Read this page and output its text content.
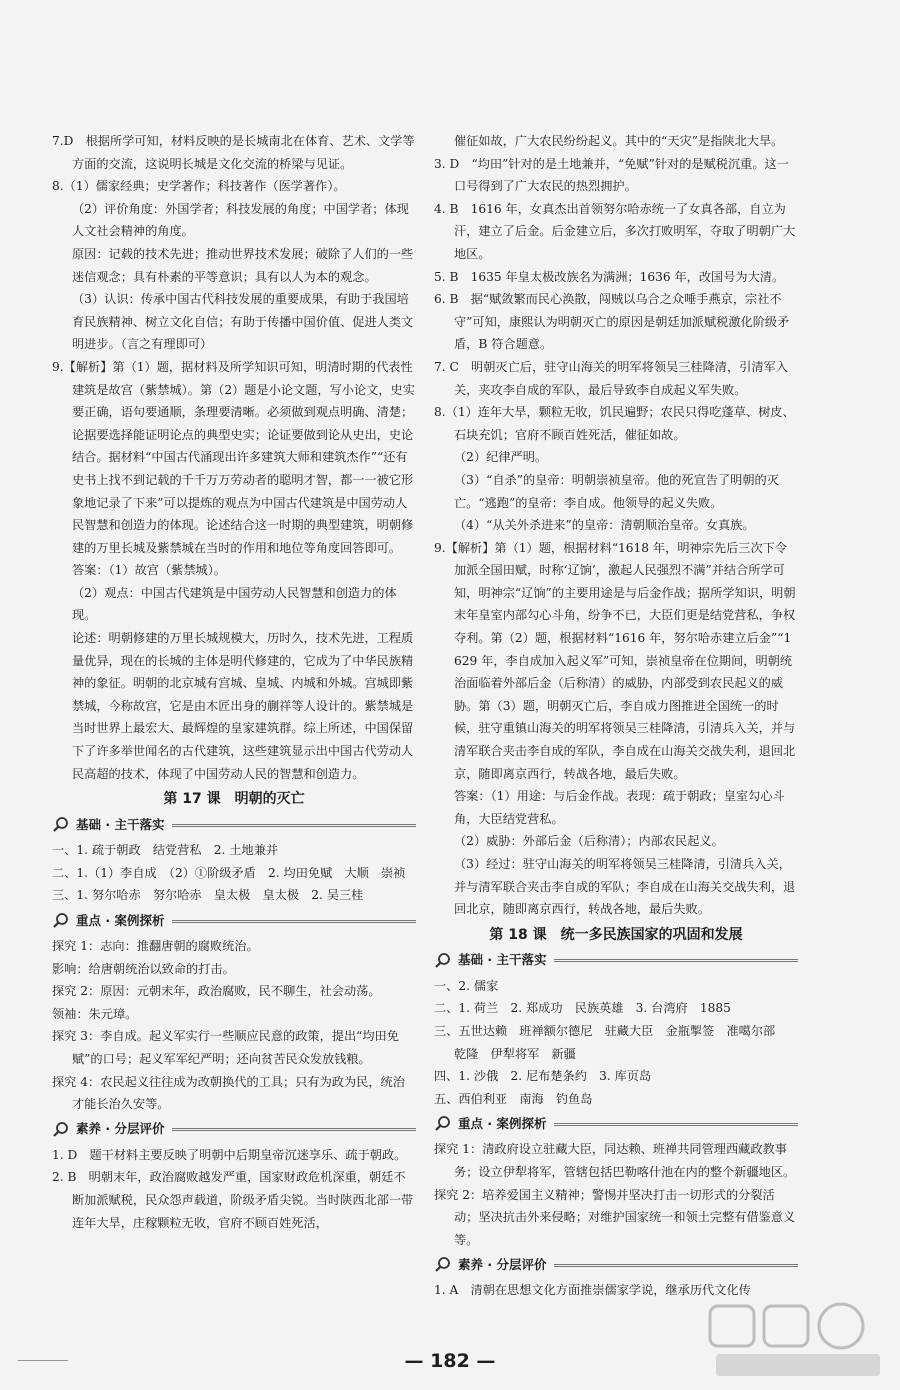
7.D　根据所学可知，材料反映的是长城南北在体育、艺术、文学等方面的交流，这说明长城是文化交流的桥梁与见证。

8.（1）儒家经典；史学著作；科技著作（医学著作）。

（2）评价角度：外国学者；科技发展的角度；中国学者；体现人文社会精神的角度。

原因：记载的技术先进；推动世界技术发展；破除了人们的一些迷信观念；具有朴素的平等意识；具有以人为本的观念。

（3）认识：传承中国古代科技发展的重要成果，有助于我国培育民族精神、树立文化自信；有助于传播中国价值、促进人类文明进步。（言之有理即可）

9.【解析】第（1）题，据材料及所学知识可知，明清时期的代表性建筑是故宫（紫禁城）。第（2）题是小论文题，写小论文，史实要正确，语句要通顺，条理要清晰。必须做到观点明确、清楚；论据要选择能证明论点的典型史实；论证要做到论从史出，史论结合。据材料“中国古代涌现出许多建筑大师和建筑杰作”“还有史书上找不到记载的千千万万劳动者的聪明才智，都一一被它形象地记录了下来”可以提炼的观点为中国古代建筑是中国劳动人民智慧和创造力的体现。论述结合这一时期的典型建筑，明朝修建的万里长城及紫禁城在当时的作用和地位等角度回答即可。

答案：（1）故宫（紫禁城）。

（2）观点：中国古代建筑是中国劳动人民智慧和创造力的体现。

论述：明朝修建的万里长城规模大，历时久，技术先进，工程质量优异，现在的长城的主体是明代修建的，它成为了中华民族精神的象征。明朝的北京城有宫城、皇城、内城和外城。宫城即紫禁城，今称故宫，它是由木匠出身的蒯祥等人设计的。紫禁城是当时世界上最宏大、最辉煌的皇家建筑群。综上所述，中国保留下了许多举世闻名的古代建筑，这些建筑显示出中国古代劳动人民高超的技术，体现了中国劳动人民的智慧和创造力。

第 17 课　明朝的灭亡
基础 · 主干落实

一、1. 疏于朝政　结党营私　2. 土地兼并

二、1.（1）李自成　（2）①阶级矛盾　2. 均田免赋　大顺　崇祯

三、1. 努尔哈赤　努尔哈赤　皇太极　皇太极　2. 吴三桂

重点 · 案例探析

探究 1：志向：推翻唐朝的腐败统治。

影响：给唐朝统治以致命的打击。

探究 2：原因：元朝末年，政治腐败，民不聊生，社会动荡。

领袖：朱元璋。

探究 3：李自成。起义军实行一些顺应民意的政策，提出“均田免赋”的口号；起义军军纪严明；还向贫苦民众发放钱粮。

探究 4：农民起义往往成为改朝换代的工具；只有为政为民，统治才能长治久安等。

素养 · 分层评价

1. D　题干材料主要反映了明朝中后期皇帝沉迷享乐、疏于朝政。

2. B　明朝末年，政治腐败越发严重，国家财政危机深重，朝廷不断加派赋税，民众怨声载道，阶级矛盾尖锐。当时陕西北部一带连年大旱，庄稼颗粒无收，官府不顾百姓死活，

催征如故，广大农民纷纷起义。其中的“天灾”是指陕北大旱。

3. D　“均田”针对的是土地兼并，“免赋”针对的是赋税沉重。这一口号得到了广大农民的热烈拥护。

4. B　1616 年，女真杰出首领努尔哈赤统一了女真各部，自立为汗，建立了后金。后金建立后，多次打败明军，夺取了明朝广大地区。

5. B　1635 年皇太极改族名为满洲；1636 年，改国号为大清。

6. B　据“赋敛繁而民心涣散，闯贼以乌合之众唾手燕京，宗社不守”可知，康熙认为明朝灭亡的原因是朝廷加派赋税激化阶级矛盾，B 符合题意。

7. C　明朝灭亡后，驻守山海关的明军将领吴三桂降清，引清军入关，夹攻李自成的军队，最后导致李自成起义军失败。

8.（1）连年大旱，颗粒无收，饥民遍野；农民只得吃蓬草、树皮、石块充饥；官府不顾百姓死活，催征如故。

（2）纪律严明。

（3）“自杀”的皇帝：明朝崇祯皇帝。他的死宣告了明朝的灭亡。“逃跑”的皇帝：李自成。他领导的起义失败。

（4）“从关外杀进来”的皇帝：清朝顺治皇帝。女真族。

9.【解析】第（1）题，根据材料“1618 年，明神宗先后三次下令加派全国田赋，时称‘辽饷’，激起人民强烈不满”并结合所学可知，明神宗“辽饷”的主要用途是与后金作战；据所学知识，明朝末年皇室内部勾心斗角，纷争不已，大臣们更是结党营私，争权夺利。第（2）题，根据材料“1616 年，努尔哈赤建立后金”“1629 年，李自成加入起义军”可知，崇祯皇帝在位期间，明朝统治面临着外部后金（后称清）的威胁，内部受到农民起义的威胁。第（3）题，明朝灭亡后，李自成力图推进全国统一的时候，驻守重镇山海关的明军将领吴三桂降清，引清兵入关，并与清军联合夹击李自成的军队，李自成在山海关交战失利，退回北京，随即离京西行，转战各地，最后失败。

答案：（1）用途：与后金作战。表现：疏于朝政；皇室勾心斗角，大臣结党营私。

（2）威胁：外部后金（后称清）；内部农民起义。

（3）经过：驻守山海关的明军将领吴三桂降清，引清兵入关，并与清军联合夹击李自成的军队；李自成在山海关交战失利，退回北京，随即离京西行，转战各地，最后失败。

第 18 课　统一多民族国家的巩固和发展
基础 · 主干落实

一、2. 儒家

二、1. 荷兰　2. 郑成功　民族英雄　3. 台湾府　1885

三、五世达赖　班禅额尔德尼　驻藏大臣　金瓶掣签　准噶尔部　乾隆　伊犁将军　新疆

四、1. 沙俄　2. 尼布楚条约　3. 库页岛

五、西伯利亚　南海　钓鱼岛

重点 · 案例探析

探究 1：清政府设立驻藏大臣，同达赖、班禅共同管理西藏政教事务；设立伊犁将军，管辖包括巴勒喀什池在内的整个新疆地区。

探究 2：培养爱国主义精神；警惕并坚决打击一切形式的分裂活动；坚决抗击外来侵略；对维护国家统一和领土完整有借鉴意义等。

素养 · 分层评价

1. A　清朝在思想文化方面推崇儒家学说，继承历代文化传

— 182 —
